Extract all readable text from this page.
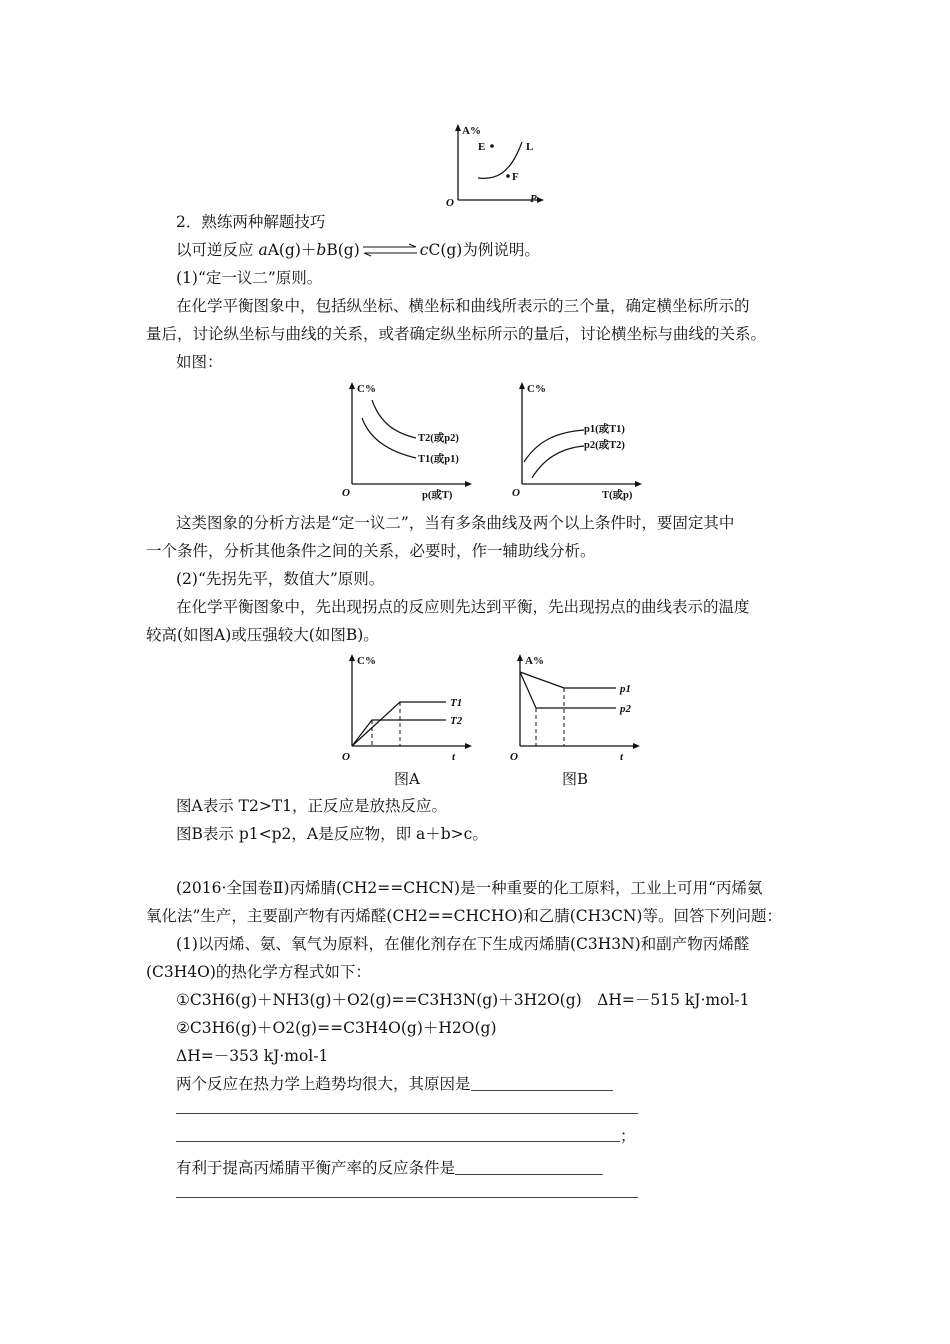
A%
P
O
L
E
F
2．熟练两种解题技巧
以可逆反应 aA(g)＋bB(g)⇌cC(g)为例说明。
(1)“定一议二”原则。
在化学平衡图象中，包括纵坐标、横坐标和曲线所表示的三个量，确定横坐标所示的
量后，讨论纵坐标与曲线的关系，或者确定纵坐标所示的量后，讨论横坐标与曲线的关系。
如图：
C%
O	p(或T)
T2(或p2)
T1(或p1)
C%
O	T(或p)
p1(或T1)
p2(或T2)
这类图象的分析方法是“定一议二”，当有多条曲线及两个以上条件时，要固定其中
一个条件，分析其他条件之间的关系，必要时，作一辅助线分析。
(2)“先拐先平，数值大”原则。
在化学平衡图象中，先出现拐点的反应则先达到平衡，先出现拐点的曲线表示的温度
较高(如图A)或压强较大(如图B)。
C%
O	t
T1
T2
图A
A%
O	t
p1
p2
图B
图A表示 T2>T1，正反应是放热反应。
图B表示 p1<p2，A是反应物，即 a＋b>c。
(2016·全国卷Ⅱ)丙烯腈(CH2==CHCN)是一种重要的化工原料，工业上可用“丙烯氨
氧化法”生产，主要副产物有丙烯醛(CH2==CHCHO)和乙腈(CH3CN)等。回答下列问题：
(1)以丙烯、氨、氧气为原料，在催化剂存在下生成丙烯腈(C3H3N)和副产物丙烯醛
(C3H4O)的热化学方程式如下：
①C3H6(g)＋NH3(g)＋O2(g)==C3H3N(g)＋3H2O(g)　ΔH=－515 kJ·mol-1
②C3H6(g)＋O2(g)==C3H4O(g)＋H2O(g)
ΔH=－353 kJ·mol-1
两个反应在热力学上趋势均很大，其原因是
；
有利于提高丙烯腈平衡产率的反应条件是
